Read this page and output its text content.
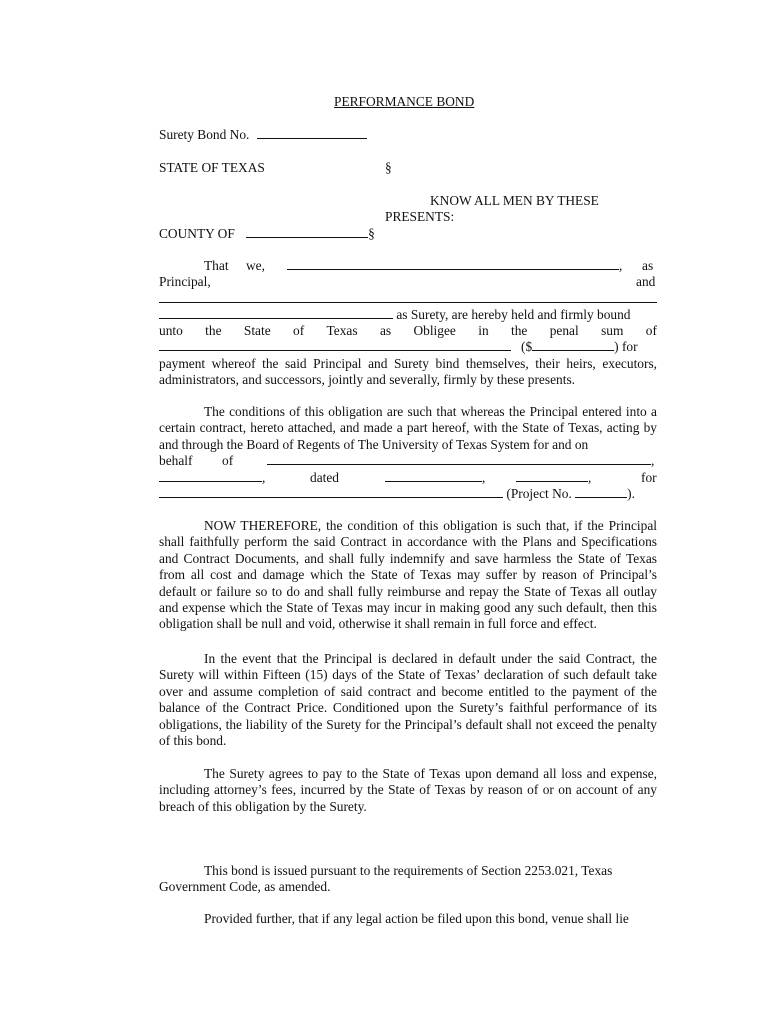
PERFORMANCE BOND
Surety Bond No.
STATE OF TEXAS	§
KNOW ALL MEN BY THESE
PRESENTS:
COUNTY OF	§
That we,	, as
Principal,	and
as Surety, are hereby held and firmly bound
unto the State of Texas as Obligee in the penal sum of
($	) for
payment whereof the said Principal and Surety bind themselves, their heirs, executors, administrators, and successors, jointly and severally, firmly by these presents.
The conditions of this obligation are such that whereas the Principal entered into a certain contract, hereto attached, and made a part hereof, with the State of Texas, acting by and through the Board of Regents of The University of Texas System for and on
behalf of	,
,	dated	,	,	for
(Project No.	).
NOW THEREFORE, the condition of this obligation is such that, if the Principal shall faithfully perform the said Contract in accordance with the Plans and Specifications and Contract Documents, and shall fully indemnify and save harmless the State of Texas from all cost and damage which the State of Texas may suffer by reason of Principal’s default or failure so to do and shall fully reimburse and repay the State of Texas all outlay and expense which the State of Texas may incur in making good any such default, then this obligation shall be null and void, otherwise it shall remain in full force and effect.
In the event that the Principal is declared in default under the said Contract, the Surety will within Fifteen (15) days of the State of Texas’ declaration of such default take over and assume completion of said contract and become entitled to the payment of the balance of the Contract Price. Conditioned upon the Surety’s faithful performance of its obligations, the liability of the Surety for the Principal’s default shall not exceed the penalty of this bond.
The Surety agrees to pay to the State of Texas upon demand all loss and expense, including attorney’s fees, incurred by the State of Texas by reason of or on account of any breach of this obligation by the Surety.
This bond is issued pursuant to the requirements of Section 2253.021, Texas Government Code, as amended.
Provided further, that if any legal action be filed upon this bond, venue shall lie
